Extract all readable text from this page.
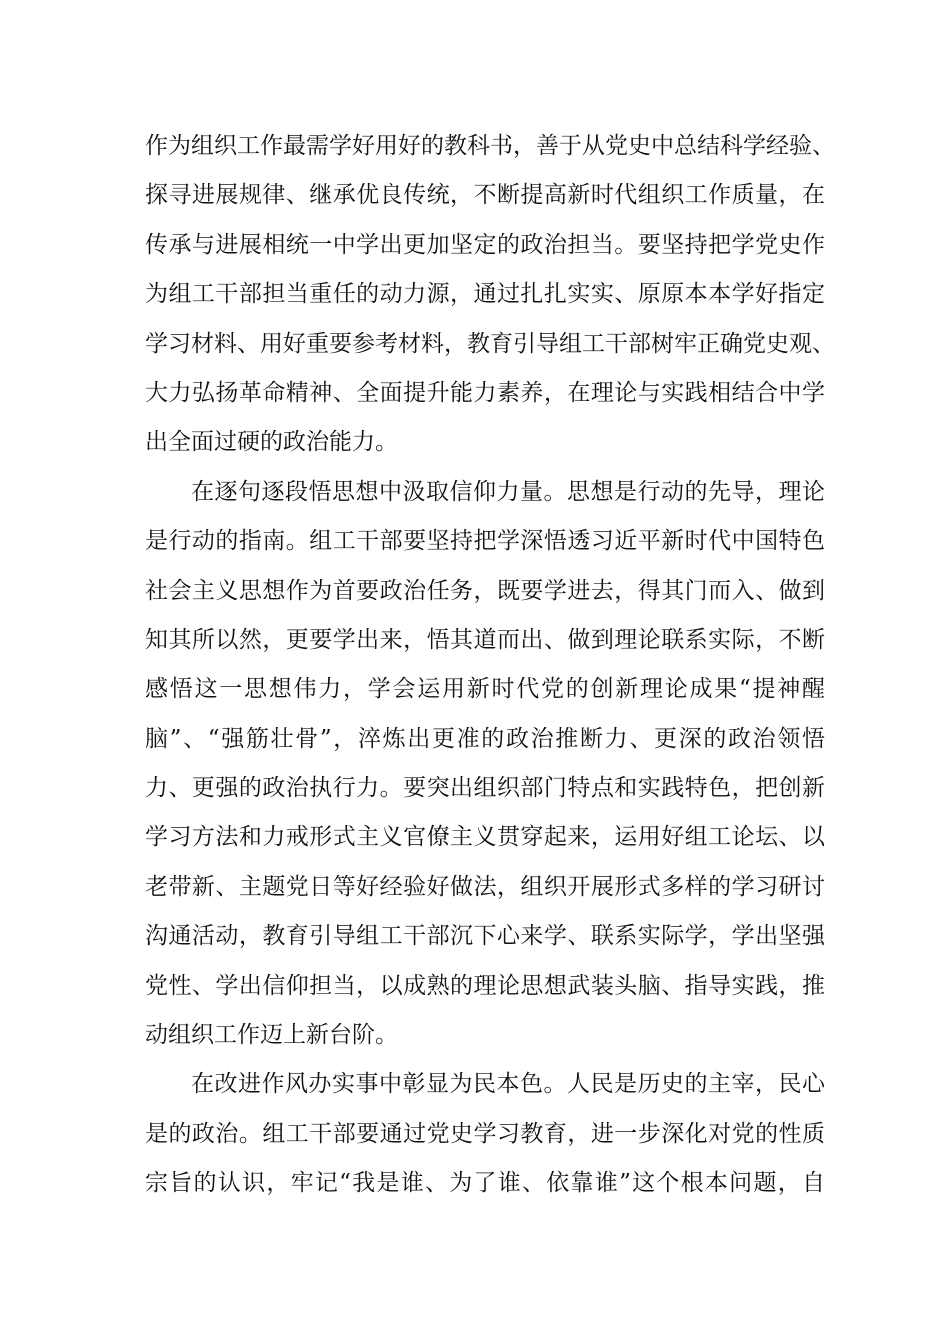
作为组织工作最需学好用好的教科书，善于从党史中总结科学经验、
探寻进展规律、继承优良传统，不断提高新时代组织工作质量，在
传承与进展相统一中学出更加坚定的政治担当。要坚持把学党史作
为组工干部担当重任的动力源，通过扎扎实实、原原本本学好指定
学习材料、用好重要参考材料，教育引导组工干部树牢正确党史观、
大力弘扬革命精神、全面提升能力素养，在理论与实践相结合中学
出全面过硬的政治能力。
在逐句逐段悟思想中汲取信仰力量。思想是行动的先导，理论
是行动的指南。组工干部要坚持把学深悟透习近平新时代中国特色
社会主义思想作为首要政治任务，既要学进去，得其门而入、做到
知其所以然，更要学出来，悟其道而出、做到理论联系实际，不断
感悟这一思想伟力，学会运用新时代党的创新理论成果“提神醒
脑”、“强筋壮骨”，淬炼出更准的政治推断力、更深的政治领悟
力、更强的政治执行力。要突出组织部门特点和实践特色，把创新
学习方法和力戒形式主义官僚主义贯穿起来，运用好组工论坛、以
老带新、主题党日等好经验好做法，组织开展形式多样的学习研讨
沟通活动，教育引导组工干部沉下心来学、联系实际学，学出坚强
党性、学出信仰担当，以成熟的理论思想武装头脑、指导实践，推
动组织工作迈上新台阶。
在改进作风办实事中彰显为民本色。人民是历史的主宰，民心
是的政治。组工干部要通过党史学习教育，进一步深化对党的性质
宗旨的认识，牢记“我是谁、为了谁、依靠谁”这个根本问题，自
